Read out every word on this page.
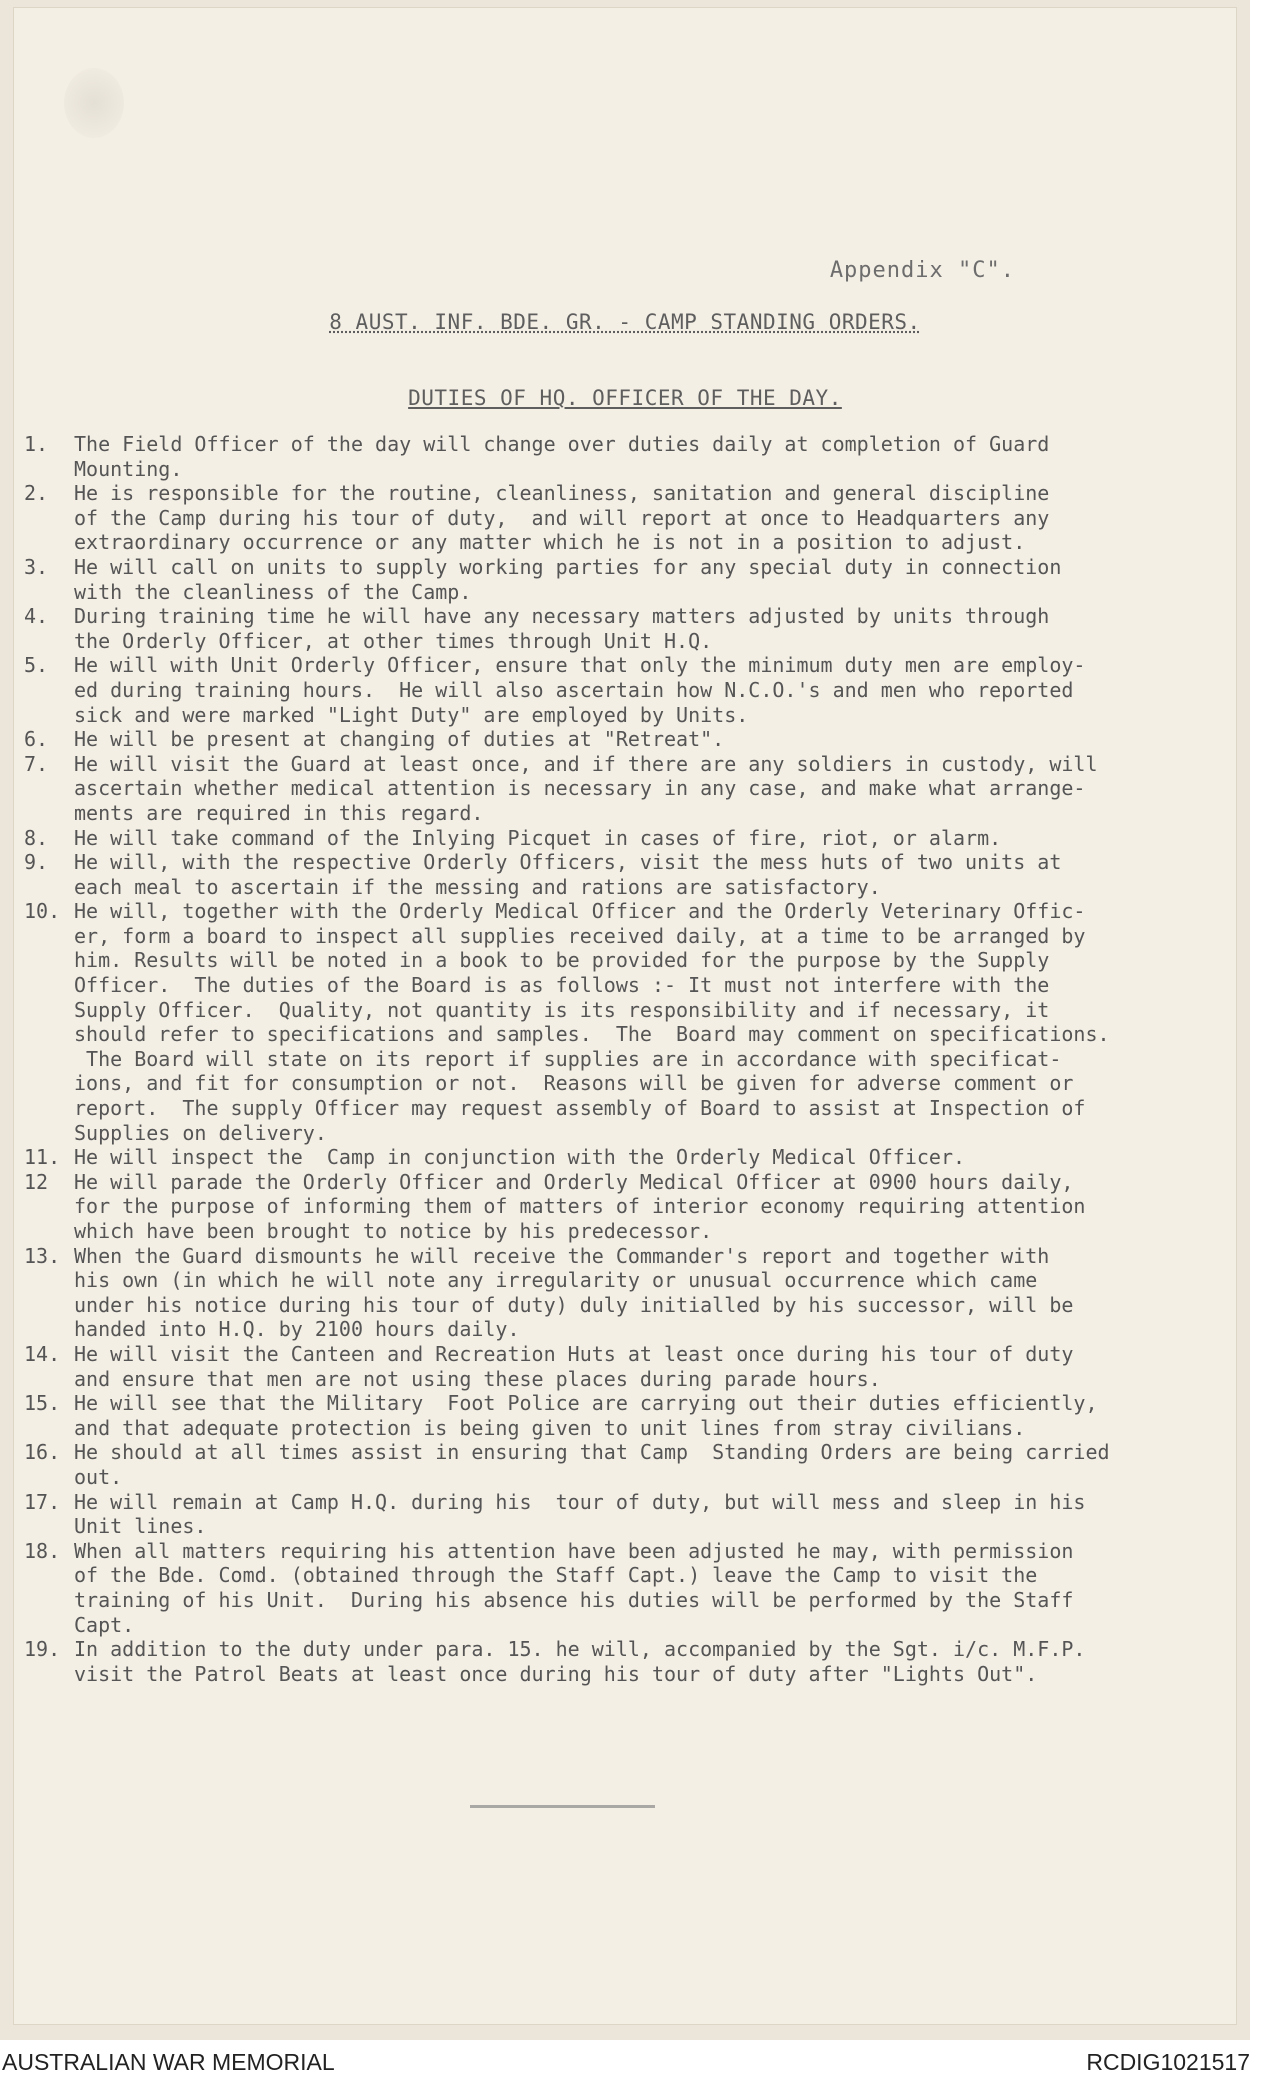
Appendix "C".
8 AUST. INF. BDE. GR. - CAMP STANDING ORDERS.
DUTIES OF HQ. OFFICER OF THE DAY.
1.	The Field Officer of the day will change over duties daily at completion of Guard
Mounting.
2.	He is responsible for the routine, cleanliness, sanitation and general discipline
of the Camp during his tour of duty,  and will report at once to Headquarters any
extraordinary occurrence or any matter which he is not in a position to adjust.
3.	He will call on units to supply working parties for any special duty in connection
with the cleanliness of the Camp.
4.	During training time he will have any necessary matters adjusted by units through
the Orderly Officer, at other times through Unit H.Q.
5.	He will with Unit Orderly Officer, ensure that only the minimum duty men are employ-
ed during training hours.  He will also ascertain how N.C.O.'s and men who reported
sick and were marked "Light Duty" are employed by Units.
6.	He will be present at changing of duties at "Retreat".
7.	He will visit the Guard at least once, and if there are any soldiers in custody, will
ascertain whether medical attention is necessary in any case, and make what arrange-
ments are required in this regard.
8.	He will take command of the Inlying Picquet in cases of fire, riot, or alarm.
9.	He will, with the respective Orderly Officers, visit the mess huts of two units at
each meal to ascertain if the messing and rations are satisfactory.
10. He will, together with the Orderly Medical Officer and the Orderly Veterinary Offic-
er, form a board to inspect all supplies received daily, at a time to be arranged by
him. Results will be noted in a book to be provided for the purpose by the Supply
Officer.  The duties of the Board is as follows :- It must not interfere with the
Supply Officer.  Quality, not quantity is its responsibility and if necessary, it
should refer to specifications and samples.  The  Board may comment on specifications.
The Board will state on its report if supplies are in accordance with specificat-
ions, and fit for consumption or not.  Reasons will be given for adverse comment or
report.  The supply Officer may request assembly of Board to assist at Inspection of
Supplies on delivery.
11. He will inspect the  Camp in conjunction with the Orderly Medical Officer.
12	He will parade the Orderly Officer and Orderly Medical Officer at 0900 hours daily,
for the purpose of informing them of matters of interior economy requiring attention
which have been brought to notice by his predecessor.
13. When the Guard dismounts he will receive the Commander's report and together with
his own (in which he will note any irregularity or unusual occurrence which came
under his notice during his tour of duty) duly initialled by his successor, will be
handed into H.Q. by 2100 hours daily.
14. He will visit the Canteen and Recreation Huts at least once during his tour of duty
and ensure that men are not using these places during parade hours.
15. He will see that the Military  Foot Police are carrying out their duties efficiently,
and that adequate protection is being given to unit lines from stray civilians.
16. He should at all times assist in ensuring that Camp  Standing Orders are being carried
out.
17. He will remain at Camp H.Q. during his  tour of duty, but will mess and sleep in his
Unit lines.
18. When all matters requiring his attention have been adjusted he may, with permission
of the Bde. Comd. (obtained through the Staff Capt.) leave the Camp to visit the
training of his Unit.  During his absence his duties will be performed by the Staff
Capt.
19. In addition to the duty under para. 15. he will, accompanied by the Sgt. i/c. M.F.P.
visit the Patrol Beats at least once during his tour of duty after "Lights Out".
AUSTRALIAN WAR MEMORIAL	RCDIG1021517
